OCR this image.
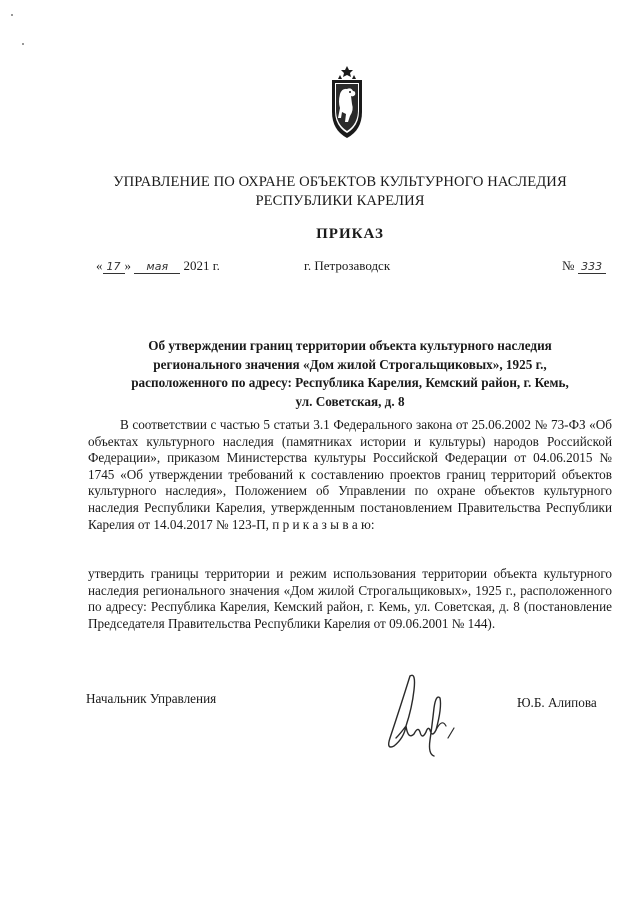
УПРАВЛЕНИЕ ПО ОХРАНЕ ОБЪЕКТОВ КУЛЬТУРНОГО НАСЛЕДИЯ
РЕСПУБЛИКИ КАРЕЛИЯ
ПРИКАЗ
« 17 » мая 2021 г.	г. Петрозаводск	№ 333
Об утверждении границ территории объекта культурного наследия
регионального значения «Дом жилой Строгальщиковых», 1925 г.,
расположенного по адресу: Республика Карелия, Кемский район, г. Кемь,
ул. Советская, д. 8
В соответствии с частью 5 статьи 3.1 Федерального закона от 25.06.2002 № 73-ФЗ «Об объектах культурного наследия (памятниках истории и культуры) народов Российской Федерации», приказом Министерства культуры Российской Федерации от 04.06.2015 № 1745 «Об утверждении требований к составлению проектов границ территорий объектов культурного наследия», Положением об Управлении по охране объектов культурного наследия Республики Карелия, утвержденным постановлением Правительства Республики Карелия от 14.04.2017 № 123-П, п р и к а з ы в а ю:
утвердить границы территории и режим использования территории объекта культурного наследия регионального значения «Дом жилой Строгальщиковых», 1925 г., расположенного по адресу: Республика Карелия, Кемский район, г. Кемь, ул. Советская, д. 8 (постановление Председателя Правительства Республики Карелия от 09.06.2001 № 144).
Начальник Управления	Ю.Б. Алипова
